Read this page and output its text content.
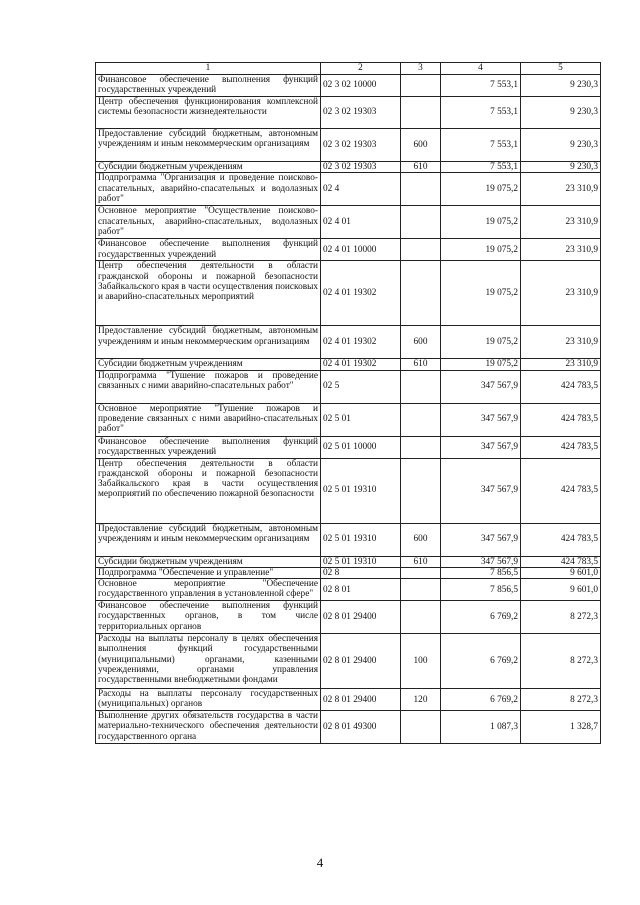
1	2	3	4	5
Финансовое обеспечение выполнения функций государственных учреждений	02 3 02 10000		7 553,1	9 230,3
Центр обеспечения функционирования комплексной системы безопасности жизнедеятельности	02 3 02 19303		7 553,1	9 230,3
Предоставление субсидий бюджетным, автономным учреждениям и иным некоммерческим организациям	02 3 02 19303	600	7 553,1	9 230,3
Субсидии бюджетным учреждениям	02 3 02 19303	610	7 553,1	9 230,3
Подпрограмма "Организация и проведение поисково-спасательных, аварийно-спасательных и водолазных работ"	02 4		19 075,2	23 310,9
Основное мероприятие "Осуществление поисково-спасательных, аварийно-спасательных, водолазных работ"	02 4 01		19 075,2	23 310,9
Финансовое обеспечение выполнения функций государственных учреждений	02 4 01 10000		19 075,2	23 310,9
Центр обеспечения деятельности в области гражданской обороны и пожарной безопасности Забайкальского края в части осуществления поисковых и аварийно-спасательных мероприятий	02 4 01 19302		19 075,2	23 310,9
Предоставление субсидий бюджетным, автономным учреждениям и иным некоммерческим организациям	02 4 01 19302	600	19 075,2	23 310,9
Субсидии бюджетным учреждениям	02 4 01 19302	610	19 075,2	23 310,9
Подпрограмма "Тушение пожаров и проведение связанных с ними аварийно-спасательных работ"	02 5		347 567,9	424 783,5
Основное мероприятие "Тушение пожаров и проведение связанных с ними аварийно-спасательных работ"	02 5 01		347 567,9	424 783,5
Финансовое обеспечение выполнения функций государственных учреждений	02 5 01 10000		347 567,9	424 783,5
Центр обеспечения деятельности в области гражданской обороны и пожарной безопасности Забайкальского края в части осуществления мероприятий по обеспечению пожарной безопасности	02 5 01 19310		347 567,9	424 783,5
Предоставление субсидий бюджетным, автономным учреждениям и иным некоммерческим организациям	02 5 01 19310	600	347 567,9	424 783,5
Субсидии бюджетным учреждениям	02 5 01 19310	610	347 567,9	424 783,5
Подпрограмма "Обеспечение и управление"	02 8		7 856,5	9 601,0
Основное мероприятие "Обеспечение государственного управления в установленной сфере"	02 8 01		7 856,5	9 601,0
Финансовое обеспечение выполнения функций государственных органов, в том числе территориальных органов	02 8 01 29400		6 769,2	8 272,3
Расходы на выплаты персоналу в целях обеспечения выполнения функций государственными (муниципальными) органами, казенными учреждениями, органами управления государственными внебюджетными фондами	02 8 01 29400	100	6 769,2	8 272,3
Расходы на выплаты персоналу государственных (муниципальных) органов	02 8 01 29400	120	6 769,2	8 272,3
Выполнение других обязательств государства в части материально-технического обеспечения деятельности государственного органа	02 8 01 49300		1 087,3	1 328,7
4
